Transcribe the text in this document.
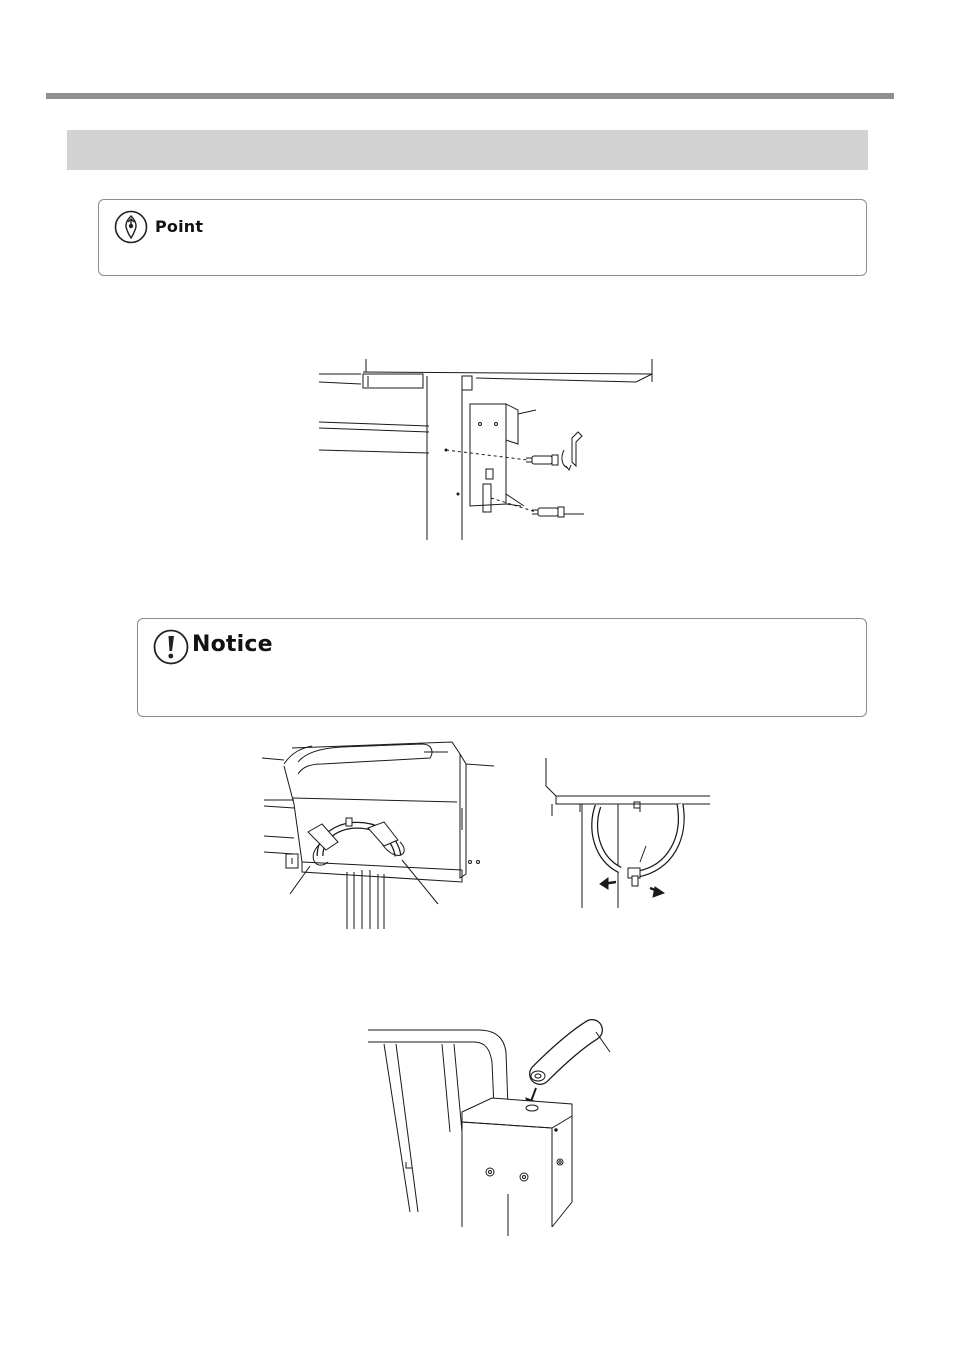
Point
Notice
